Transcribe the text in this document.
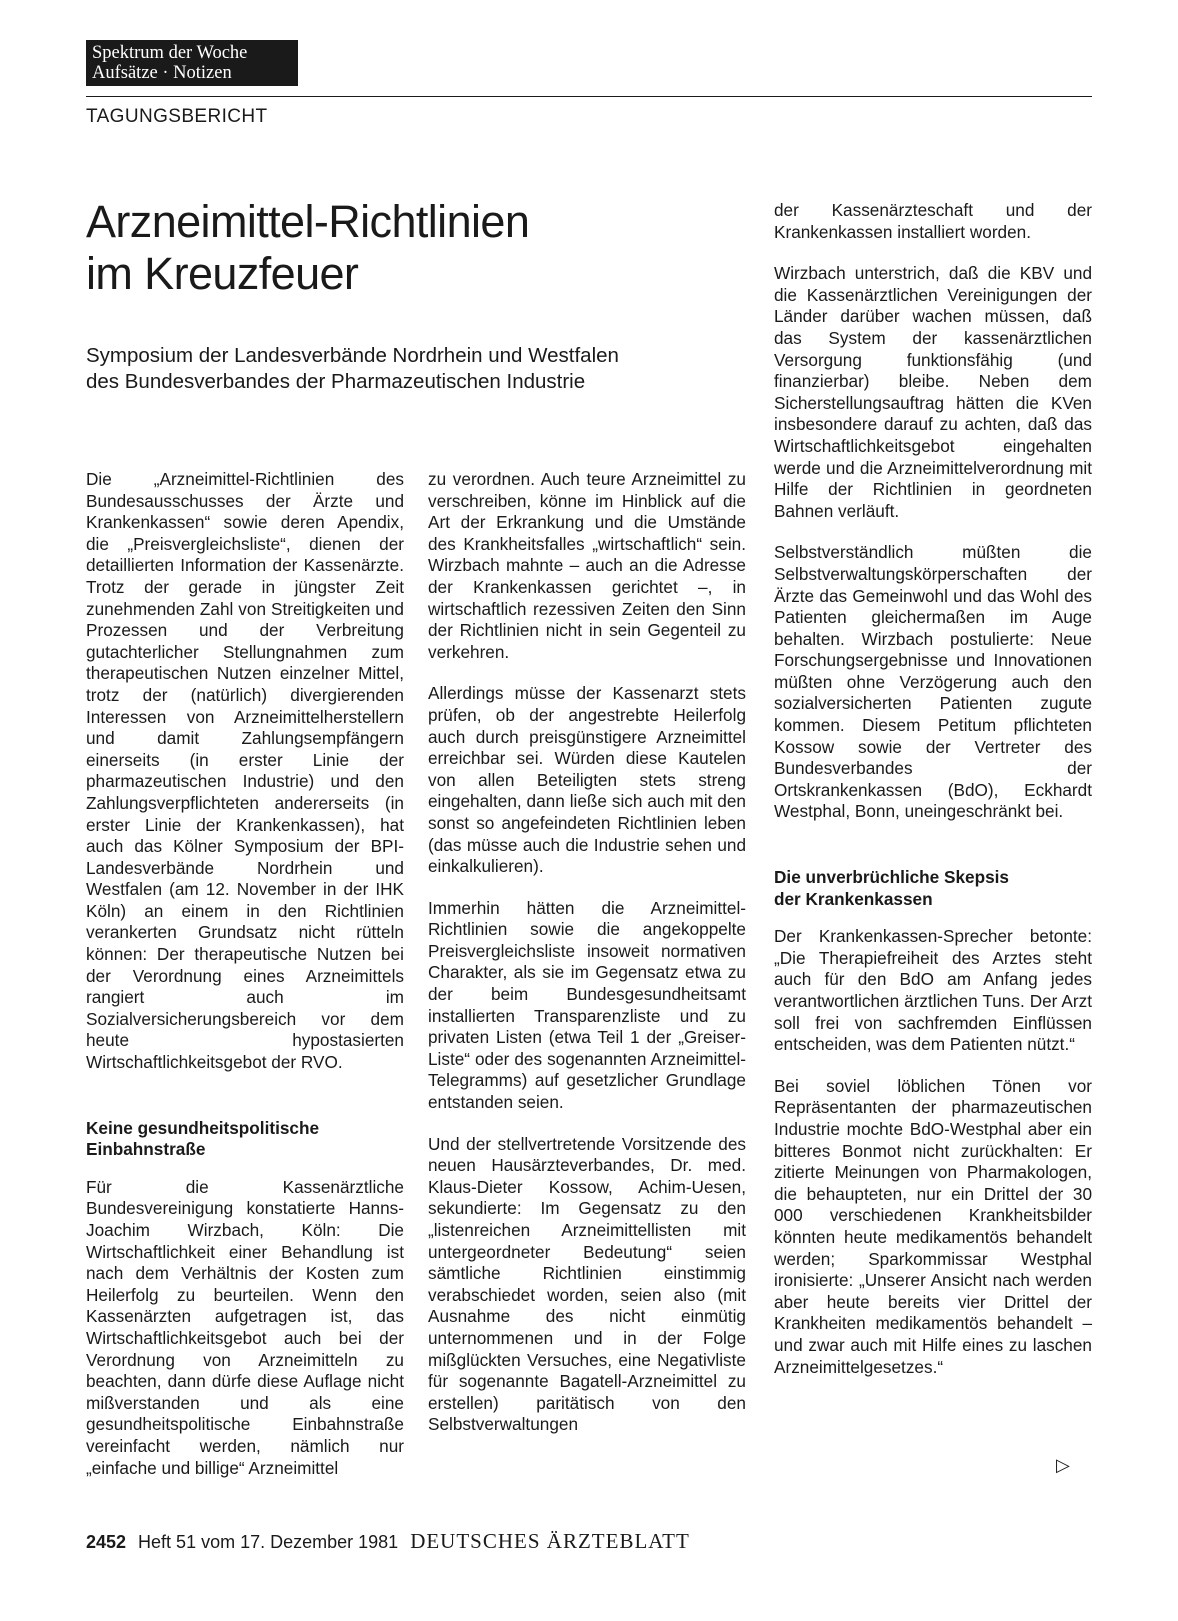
Spektrum der Woche
Aufsätze · Notizen
TAGUNGSBERICHT
Arzneimittel-Richtlinien
im Kreuzfeuer

Symposium der Landesverbände Nordrhein und Westfalen
des Bundesverbandes der Pharmazeutischen Industrie

Die „Arzneimittel-Richtlinien des Bundesausschusses der Ärzte und Krankenkassen“ sowie deren Apendix, die „Preisvergleichsliste“, dienen der detaillierten Information der Kassenärzte. Trotz der gerade in jüngster Zeit zunehmenden Zahl von Streitigkeiten und Prozessen und der Verbreitung gutachterlicher Stellungnahmen zum therapeutischen Nutzen einzelner Mittel, trotz der (natürlich) divergierenden Interessen von Arzneimittelherstellern und damit Zahlungsempfängern einerseits (in erster Linie der pharmazeutischen Industrie) und den Zahlungsverpflichteten andererseits (in erster Linie der Krankenkassen), hat auch das Kölner Symposium der BPI-Landesverbände Nordrhein und Westfalen (am 12. November in der IHK Köln) an einem in den Richtlinien verankerten Grundsatz nicht rütteln können: Der therapeutische Nutzen bei der Verordnung eines Arzneimittels rangiert auch im Sozialversicherungsbereich vor dem heute hypostasierten Wirtschaftlichkeitsgebot der RVO.

Keine gesundheitspolitische
Einbahnstraße

Für die Kassenärztliche Bundesvereinigung konstatierte Hanns-Joachim Wirzbach, Köln: Die Wirtschaftlichkeit einer Behandlung ist nach dem Verhältnis der Kosten zum Heilerfolg zu beurteilen. Wenn den Kassenärzten aufgetragen ist, das Wirtschaftlichkeitsgebot auch bei der Verordnung von Arzneimitteln zu beachten, dann dürfe diese Auflage nicht mißverstanden und als eine gesundheitspolitische Einbahnstraße vereinfacht werden, nämlich nur „einfache und billige“ Arzneimittel

zu verordnen. Auch teure Arzneimittel zu verschreiben, könne im Hinblick auf die Art der Erkrankung und die Umstände des Krankheitsfalles „wirtschaftlich“ sein. Wirzbach mahnte – auch an die Adresse der Krankenkassen gerichtet –, in wirtschaftlich rezessiven Zeiten den Sinn der Richtlinien nicht in sein Gegenteil zu verkehren.

Allerdings müsse der Kassenarzt stets prüfen, ob der angestrebte Heilerfolg auch durch preisgünstigere Arzneimittel erreichbar sei. Würden diese Kautelen von allen Beteiligten stets streng eingehalten, dann ließe sich auch mit den sonst so angefeindeten Richtlinien leben (das müsse auch die Industrie sehen und einkalkulieren).

Immerhin hätten die Arzneimittel-Richtlinien sowie die angekoppelte Preisvergleichsliste insoweit normativen Charakter, als sie im Gegensatz etwa zu der beim Bundesgesundheitsamt installierten Transparenzliste und zu privaten Listen (etwa Teil 1 der „Greiser-Liste“ oder des sogenannten Arzneimittel-Telegramms) auf gesetzlicher Grundlage entstanden seien.

Und der stellvertretende Vorsitzende des neuen Hausärzteverbandes, Dr. med. Klaus-Dieter Kossow, Achim-Uesen, sekundierte: Im Gegensatz zu den „listenreichen Arzneimittellisten mit untergeordneter Bedeutung“ seien sämtliche Richtlinien einstimmig verabschiedet worden, seien also (mit Ausnahme des nicht einmütig unternommenen und in der Folge mißglückten Versuches, eine Negativliste für sogenannte Bagatell-Arzneimittel zu erstellen) paritätisch von den Selbstverwaltungen

der Kassenärzteschaft und der Krankenkassen installiert worden.

Wirzbach unterstrich, daß die KBV und die Kassenärztlichen Vereinigungen der Länder darüber wachen müssen, daß das System der kassenärztlichen Versorgung funktionsfähig (und finanzierbar) bleibe. Neben dem Sicherstellungsauftrag hätten die KVen insbesondere darauf zu achten, daß das Wirtschaftlichkeitsgebot eingehalten werde und die Arzneimittelverordnung mit Hilfe der Richtlinien in geordneten Bahnen verläuft.

Selbstverständlich müßten die Selbstverwaltungskörperschaften der Ärzte das Gemeinwohl und das Wohl des Patienten gleichermaßen im Auge behalten. Wirzbach postulierte: Neue Forschungsergebnisse und Innovationen müßten ohne Verzögerung auch den sozialversicherten Patienten zugute kommen. Diesem Petitum pflichteten Kossow sowie der Vertreter des Bundesverbandes der Ortskrankenkassen (BdO), Eckhardt Westphal, Bonn, uneingeschränkt bei.

Die unverbrüchliche Skepsis
der Krankenkassen

Der Krankenkassen-Sprecher betonte: „Die Therapiefreiheit des Arztes steht auch für den BdO am Anfang jedes verantwortlichen ärztlichen Tuns. Der Arzt soll frei von sachfremden Einflüssen entscheiden, was dem Patienten nützt.“

Bei soviel löblichen Tönen vor Repräsentanten der pharmazeutischen Industrie mochte BdO-Westphal aber ein bitteres Bonmot nicht zurückhalten: Er zitierte Meinungen von Pharmakologen, die behaupteten, nur ein Drittel der 30 000 verschiedenen Krankheitsbilder könnten heute medikamentös behandelt werden; Sparkommissar Westphal ironisierte: „Unserer Ansicht nach werden aber heute bereits vier Drittel der Krankheiten medikamentös behandelt – und zwar auch mit Hilfe eines zu laschen Arzneimittelgesetzes.“

▷
2452 Heft 51 vom 17. Dezember 1981 DEUTSCHES ÄRZTEBLATT
